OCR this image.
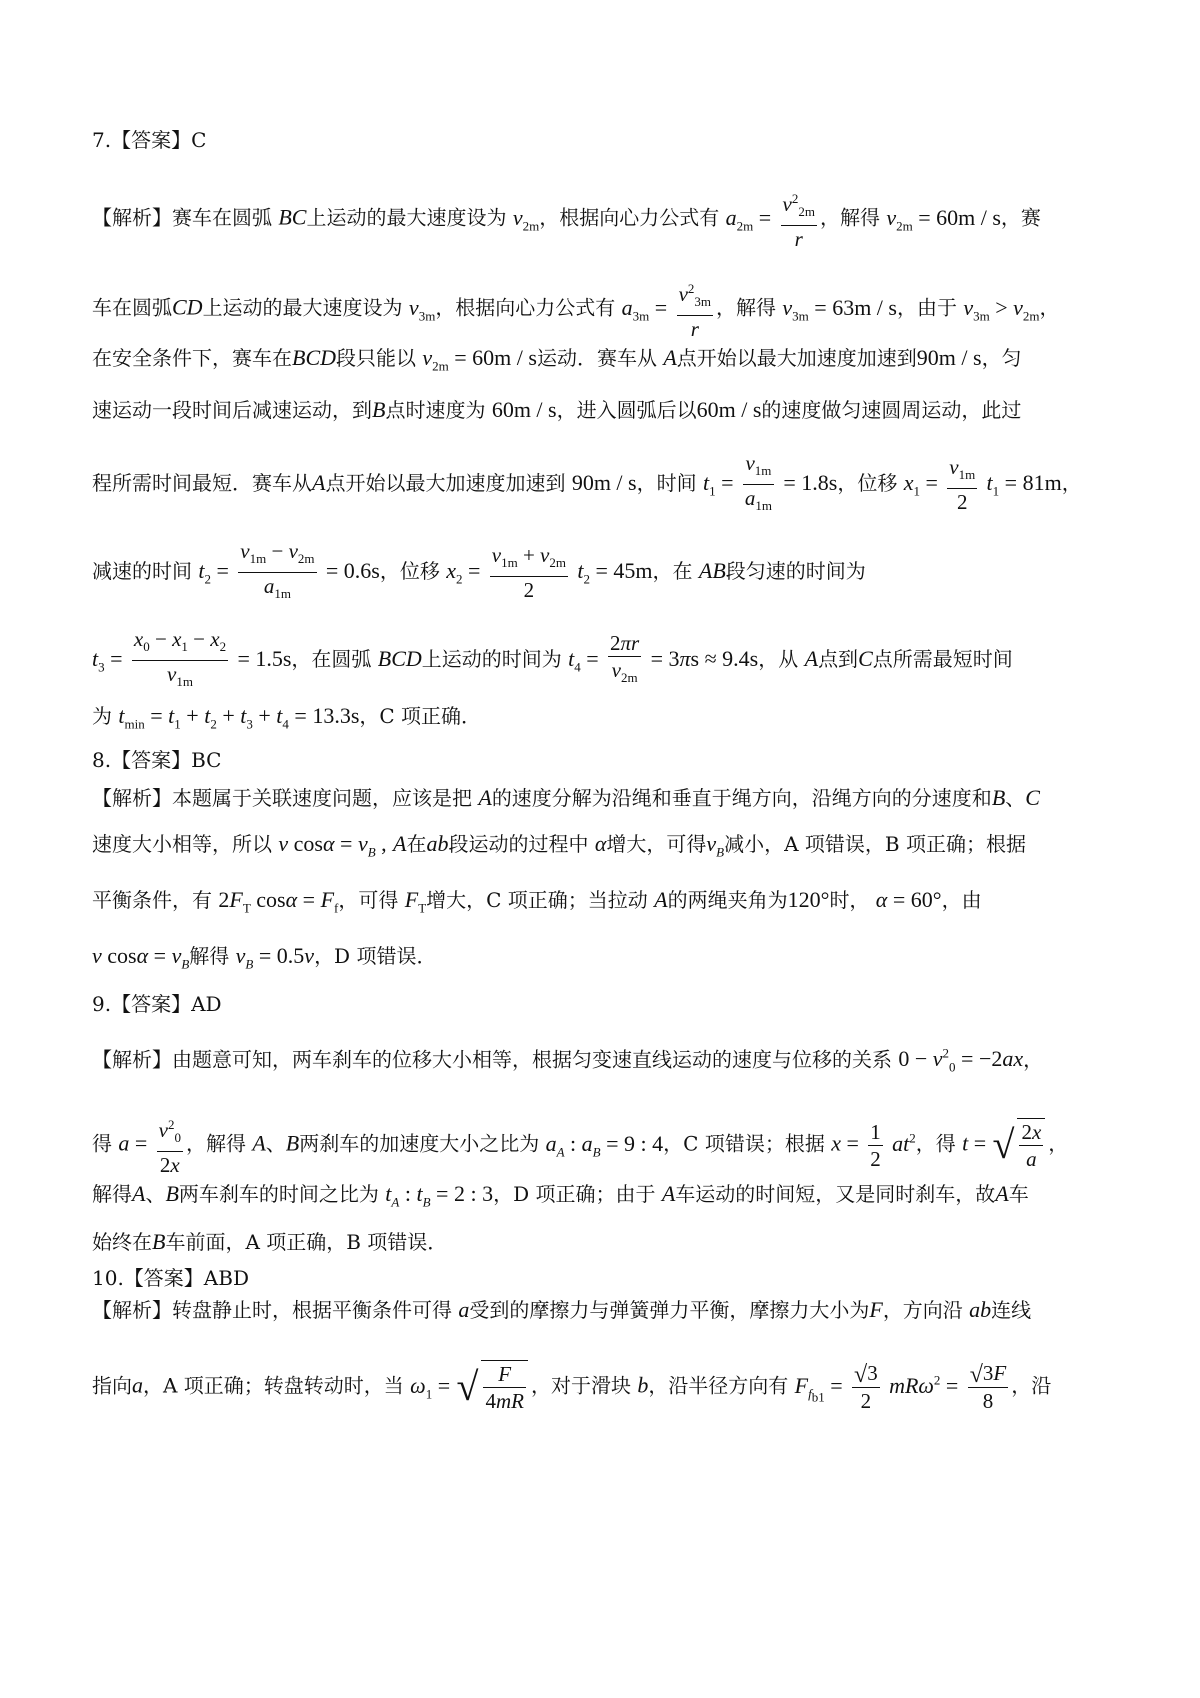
7.【答案】C
【解析】赛车在圆弧 BC上运动的最大速度设为 $v_{2m}$，根据向心力公式有 $a_{2m} = \frac{v^2_{2m}}{r}$ ，解得 $v_{2m} = 60m / s$，赛
车在圆弧CD上运动的最大速度设为 $v_{3m}$，根据向心力公式有 $a_{3m} = \frac{v^2_{3m}}{r}$ ，解得 $v_{3m} = 63m / s$，由于 $v_{3m} > v_{2m}$，
在安全条件下，赛车在BCD段只能以 $v_{2m} = 60m / s$运动．赛车从 A点开始以最大加速度加速到90m / s，匀
速运动一段时间后减速运动，到B点时速度为 60m / s，进入圆弧后以60m / s的速度做匀速圆周运动，此过
程所需时间最短．赛车从A点开始以最大加速度加速到 90m / s，时间 $t_1 = \frac{v_{1m}}{a_{1m}} = 1.8s$，位移 $x_1 = \frac{v_{1m}}{2} t_1 = 81m$，
减速的时间 $t_2 = \frac{v_{1m} - v_{2m}}{a_{1m}} = 0.6s$，位移 $x_2 = \frac{v_{1m} + v_{2m}}{2} t_2 = 45m$，在 AB段匀速的时间为
$t_3 = \frac{x_0 - x_1 - x_2}{v_{1m}} = 1.5s$，在圆弧 BCD上运动的时间为 $t_4 = \frac{2\pi r}{v_{2m}} = 3\pi s \approx 9.4s$，从 A点到C点所需最短时间
为 $t_{min} = t_1 + t_2 + t_3 + t_4 = 13.3s$，C 项正确．
8.【答案】BC
【解析】本题属于关联速度问题，应该是把 A的速度分解为沿绳和垂直于绳方向，沿绳方向的分速度和B、C
速度大小相等，所以 v $\cos\alpha = v_B$ , A在ab段运动的过程中 α增大，可得$v_B$减小，A 项错误，B 项正确；根据
平衡条件，有 $2F_T$ $\cos\alpha = F_f$，可得 $F_T$增大，C 项正确；当拉动 A的两绳夹角为120°时， α = 60°，由
v $\cos\alpha = v_B$解得 $v_B = 0.5v$，D 项错误．
9.【答案】AD
【解析】由题意可知，两车刹车的位移大小相等，根据匀变速直线运动的速度与位移的关系 $0 - v^2_0 = -2ax$，
得 $a = \frac{v^2_0}{2x}$ ，解得 A、B两刹车的加速度大小之比为 $a_A$ : $a_B = 9$ : 4，C 项错误；根据 $x = \frac{1}{2} at^2$，得 t = √ $\frac{2x}{a}$ ，
解得A、B两车刹车的时间之比为 $t_A$ : $t_B = 2$ : 3，D 项正确；由于 A车运动的时间短，又是同时刹车，故A车
始终在B车前面，A 项正确，B 项错误．
10.【答案】ABD
【解析】转盘静止时，根据平衡条件可得 a受到的摩擦力与弹簧弹力平衡，摩擦力大小为F，方向沿 ab连线
指向a，A 项正确；转盘转动时，当 $\omega_1$ = √ $\frac{F}{4mR}$ ，对于滑块 b，沿半径方向有 $F_{f_{b1}} = \frac{√3}{2} mR\omega^2 = \frac{√3F}{8}$ ，沿
